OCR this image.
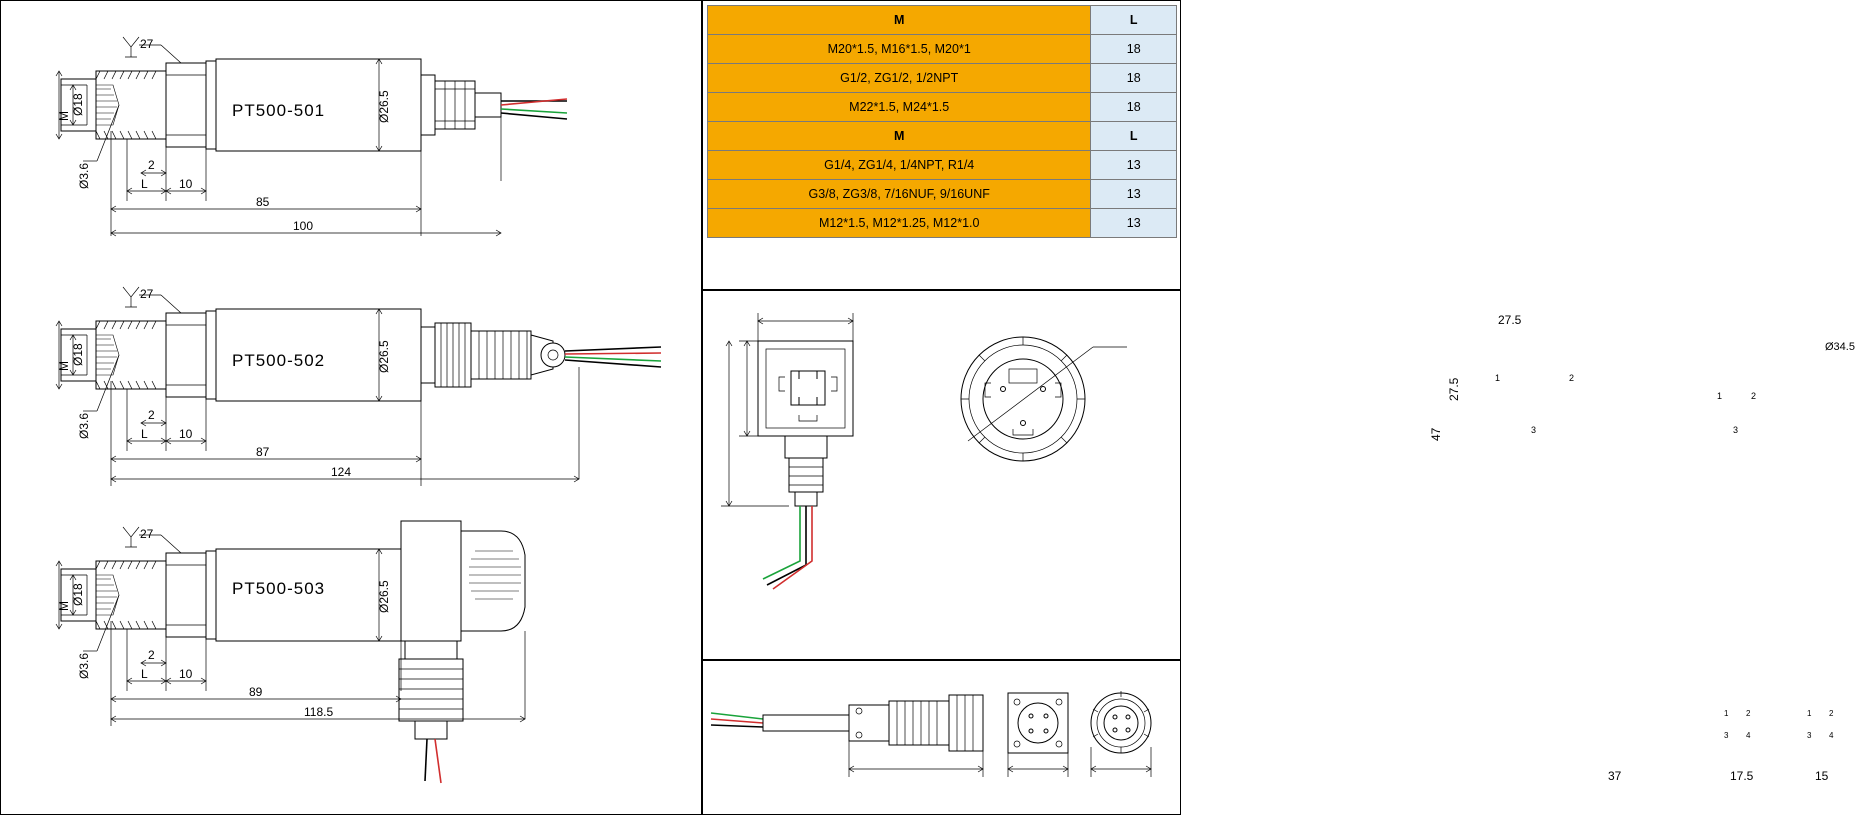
PT500-501	Ø26.5
Ø18
M
Ø3.6
27
2
L	10
85
100
PT500-502	Ø26.5
Ø18
M
Ø3.6
27
2
L	10
87
124
PT500-503	Ø26.5
Ø18
M
Ø3.6
27
2
L	10
89
118.5
M	L
M20*1.5, M16*1.5, M20*1	18
G1/2, ZG1/2, 1/2NPT	18
M22*1.5, M24*1.5	18
M	L
G1/4, ZG1/4, 1/4NPT, R1/4	13
G3/8, ZG3/8, 7/16NUF, 9/16UNF	13
M12*1.5, M12*1.25, M12*1.0	13
27.5
27.5
47
1	2
3
Ø34.5
1	2
3
37	17.5	15
1 2
3 4
1 2
3 4
